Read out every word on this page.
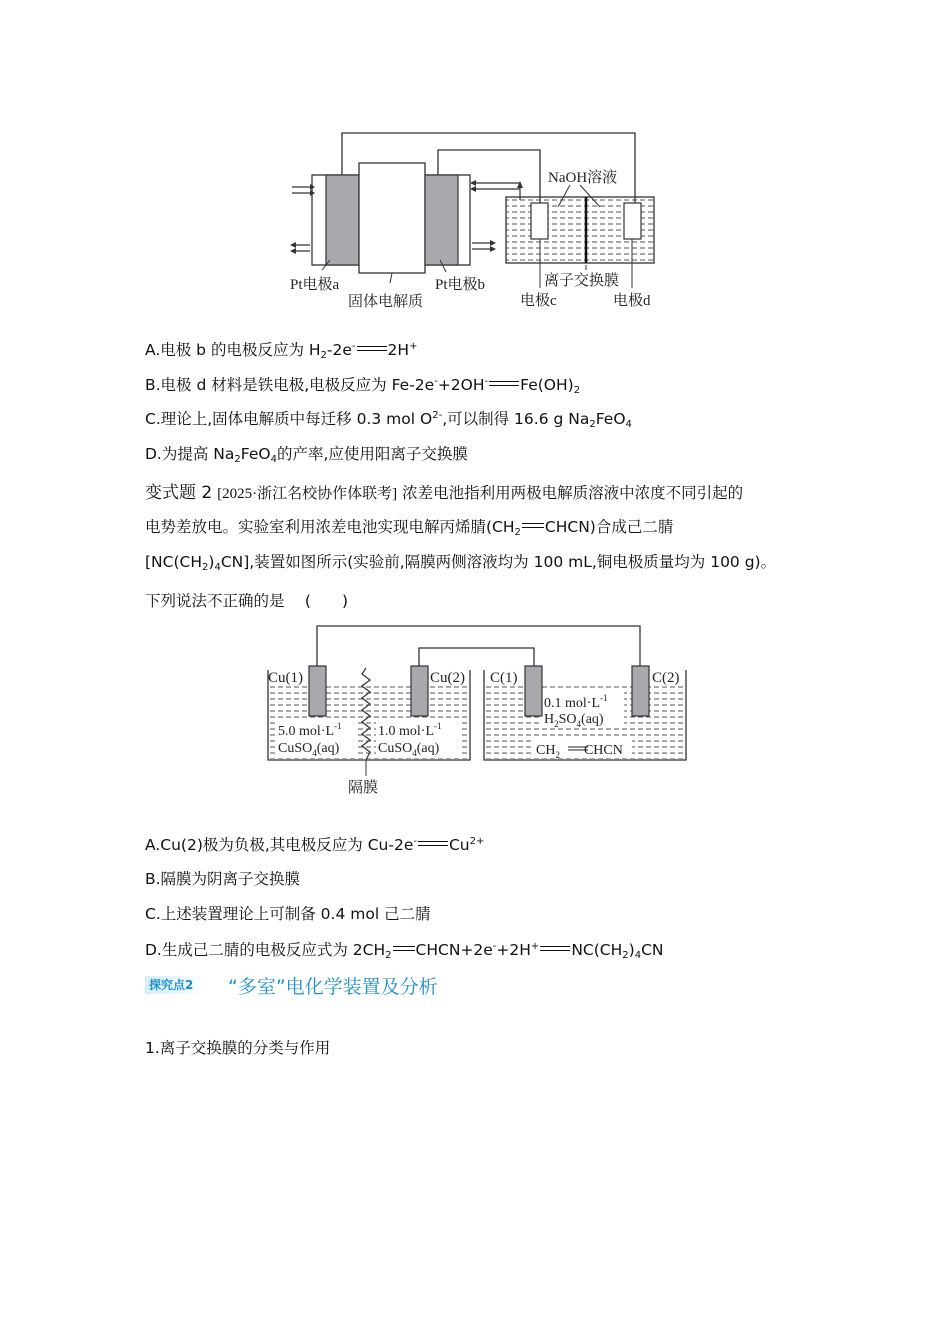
NaOH溶液
离子交换膜
Pt电极a
固体电解质
Pt电极b
电极c	电极d
A.电极 b 的电极反应为 $H_2-2e^-$ 2H+
B.电极 d 材料是铁电极,电极反应为 Fe-2e-+2OH- $Fe(OH)_2$
C.理论上,固体电解质中每迁移 0.3 mol $O^{2-}$,可以制得 16.6 g $Na_2FeO_4$
D.为提高 $Na_2FeO_4$的产率,应使用阳离子交换膜
变式题 2 [2025·浙江名校协作体联考] 浓差电池指利用两极电解质溶液中浓度不同引起的
电势差放电。实验室利用浓差电池实现电解丙烯腈($CH_2$ CHCN)合成己二腈
$[NC(CH_2)_4CN]$,装置如图所示(实验前,隔膜两侧溶液均为 100 mL,铜电极质量均为 100 g)。
下列说法不正确的是 　(　　)
Cu(1)	Cu(2) C(1)	C(2)
5.0 $mol\cdot L^{-1}$
CuSO$_4$(aq)
1.0 $mol\cdot L^{-1}$
CuSO$_4$(aq)
0.1 $mol\cdot L^{-1}$
$H_2SO_4(aq)$
$CH_2$ CHCN
隔膜
A.Cu(2)极为负极,其电极反应为 Cu-2e- $Cu^{2+}$
B.隔膜为阴离子交换膜
C.上述装置理论上可制备 0.4 mol 己二腈
D.生成己二腈的电极反应式为 $2CH_2$ CHCN+2e-+2H+ $NC(CH_2)_4CN$
探究点2	“多室”电化学装置及分析
1.离子交换膜的分类与作用
